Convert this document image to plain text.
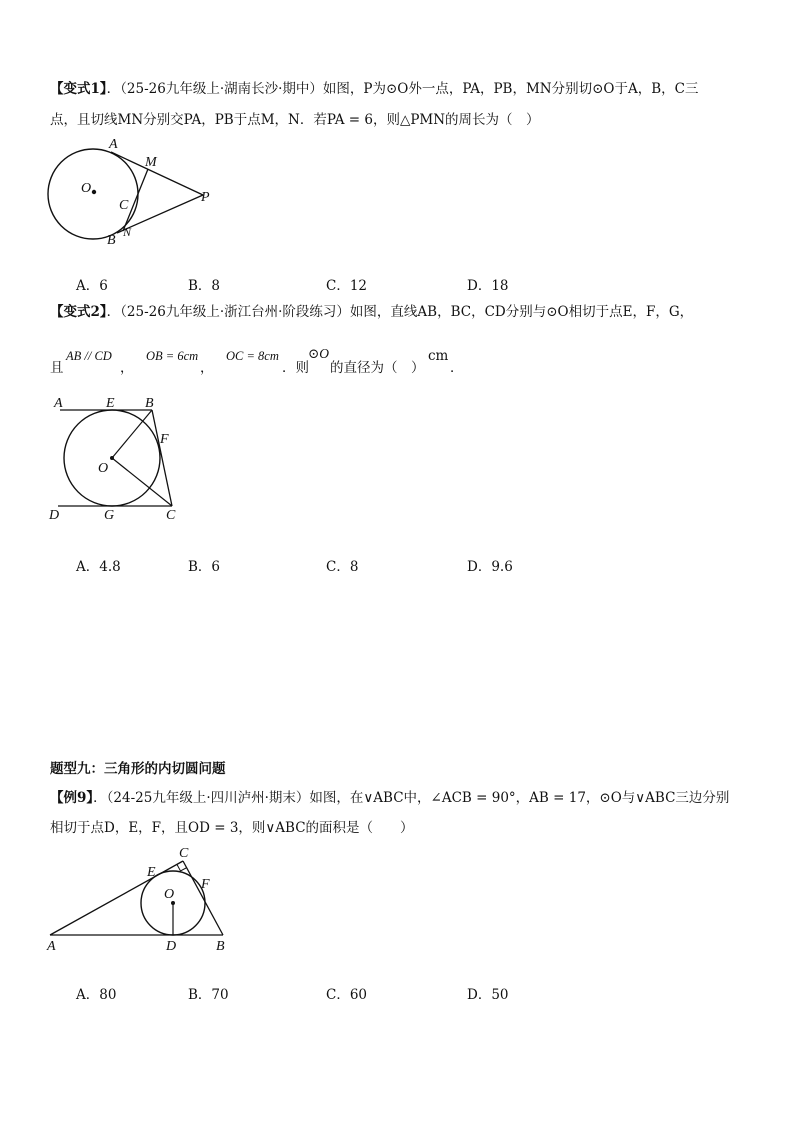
【变式1】．（25-26九年级上·湖南长沙·期中）如图，P为⊙O外一点，PA，PB，MN分别切⊙O于A，B，C三
点，且切线MN分别交PA，PB于点M，N．若PA = 6，则△PMN的周长为（　）
A
M
O
P
C
B
N
A．6	B．8	C．12	D．18
【变式2】．（25-26九年级上·浙江台州·阶段练习）如图，直线AB，BC，CD分别与⊙O相切于点E，F，G，
且
AB // CD
，
OB = 6cm
，
OC = 8cm
．则
⊙O
的直径为（　）
cm
．
A	E B
F
O
D	G	C
A．4.8	B．6	C．8	D．9.6
题型九：三角形的内切圆问题
【例9】．（24-25九年级上·四川泸州·期末）如图，在∨ABC中，∠ACB = 90°，AB = 17，⊙O与∨ABC三边分别
相切于点D，E，F，且OD = 3，则∨ABC的面积是（　　）
C
E
O
F
A	D	B
A．80	B．70	C．60	D．50
